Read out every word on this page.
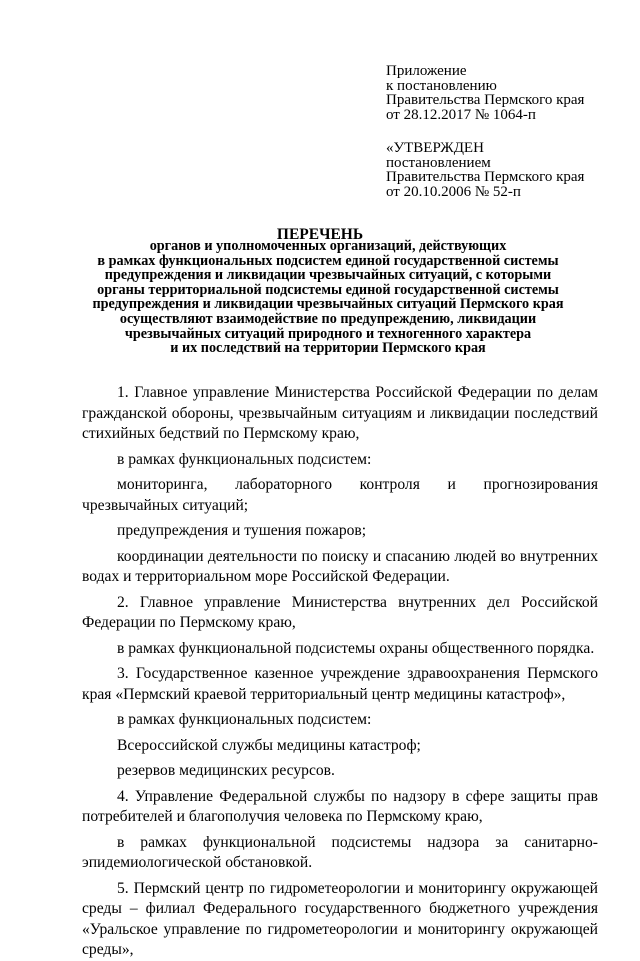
Приложение
к постановлению
Правительства Пермского края
от 28.12.2017 № 1064-п
«УТВЕРЖДЕН
постановлением
Правительства Пермского края
от 20.10.2006 № 52-п
ПЕРЕЧЕНЬ
органов и уполномоченных организаций, действующих
в рамках функциональных подсистем единой государственной системы
предупреждения и ликвидации чрезвычайных ситуаций, с которыми
органы территориальной подсистемы единой государственной системы
предупреждения и ликвидации чрезвычайных ситуаций Пермского края
осуществляют взаимодействие по предупреждению, ликвидации
чрезвычайных ситуаций природного и техногенного характера
и их последствий на территории Пермского края

1. Главное управление Министерства Российской Федерации по делам гражданской обороны, чрезвычайным ситуациям и ликвидации последствий стихийных бедствий по Пермскому краю,

в рамках функциональных подсистем:

мониторинга, лабораторного контроля и прогнозирования чрезвычайных ситуаций;

предупреждения и тушения пожаров;

координации деятельности по поиску и спасанию людей во внутренних водах и территориальном море Российской Федерации.

2. Главное управление Министерства внутренних дел Российской Федерации по Пермскому краю,

в рамках функциональной подсистемы охраны общественного порядка.

3. Государственное казенное учреждение здравоохранения Пермского края «Пермский краевой территориальный центр медицины катастроф»,

в рамках функциональных подсистем:

Всероссийской службы медицины катастроф;

резервов медицинских ресурсов.

4. Управление Федеральной службы по надзору в сфере защиты прав потребителей и благополучия человека по Пермскому краю,

в рамках функциональной подсистемы надзора за санитарно-эпидемиологической обстановкой.

5. Пермский центр по гидрометеорологии и мониторингу окружающей среды – филиал Федерального государственного бюджетного учреждения «Уральское управление по гидрометеорологии и мониторингу окружающей среды»,
